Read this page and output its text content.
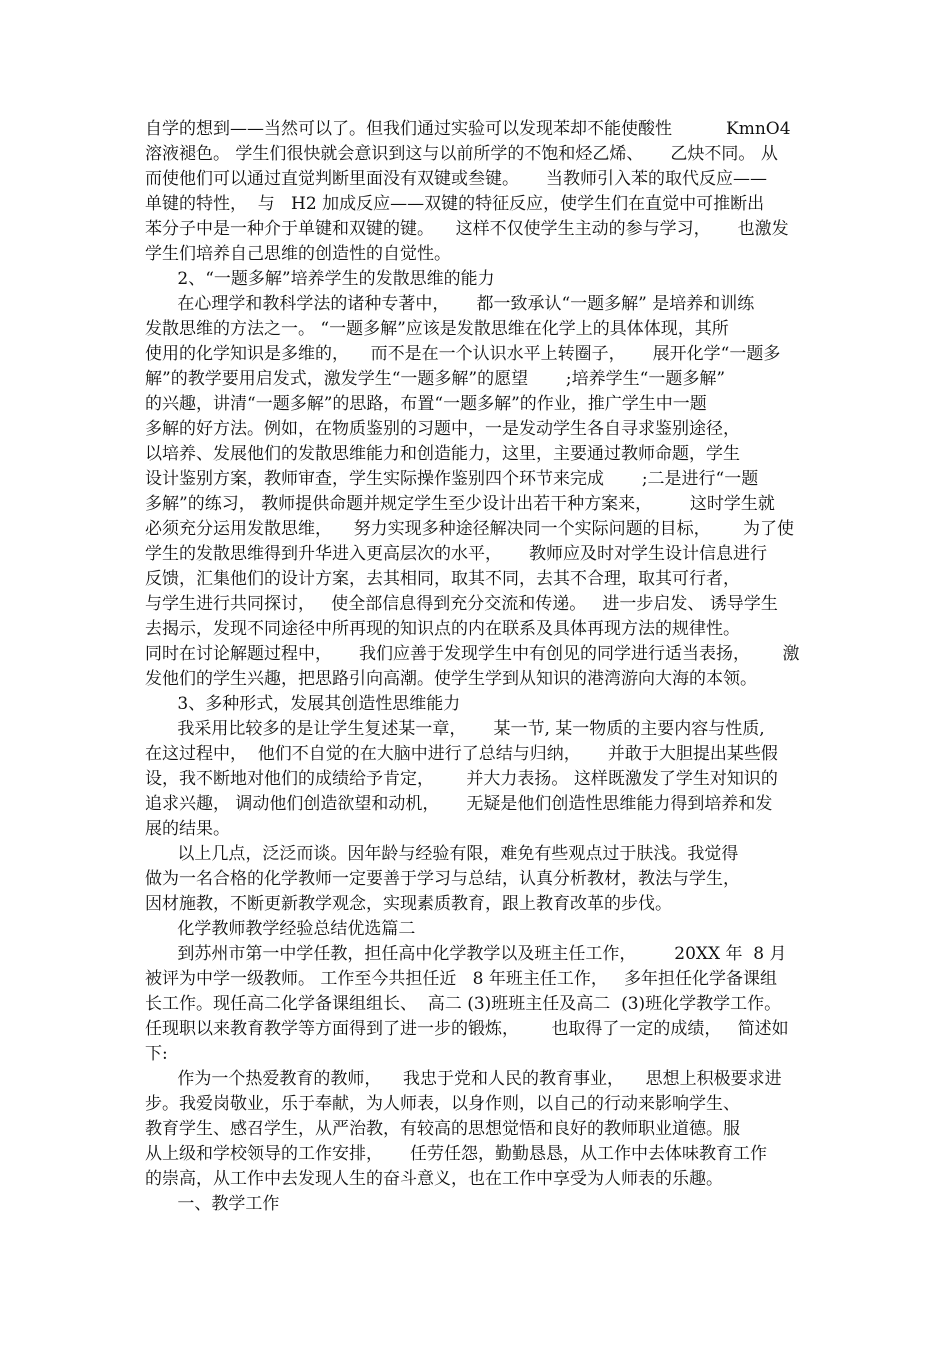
自学的想到——当然可以了。但我们通过实验可以发现苯却不能使酸性          KmnO4
溶液褪色。 学生们很快就会意识到这与以前所学的不饱和烃乙烯、     乙炔不同。 从
而使他们可以通过直觉判断里面没有双键或叁键。     当教师引入苯的取代反应——
单键的特性，  与   H2 加成反应——双键的特征反应，使学生们在直觉中可推断出
苯分子中是一种介于单键和双键的键。    这样不仅使学生主动的参与学习，     也激发
学生们培养自己思维的创造性的自觉性。
2、“一题多解”培养学生的发散思维的能力
在心理学和教科学法的诸种专著中，     都一致承认“一题多解” 是培养和训练
发散思维的方法之一。 “一题多解”应该是发散思维在化学上的具体体现，其所
使用的化学知识是多维的，    而不是在一个认识水平上转圈子，     展开化学“一题多
解”的教学要用启发式，激发学生“一题多解”的愿望       ;培养学生“一题多解”
的兴趣，讲清“一题多解”的思路，布置“一题多解”的作业，推广学生中一题
多解的好方法。例如，在物质鉴别的习题中，一是发动学生各自寻求鉴别途径，
以培养、发展他们的发散思维能力和创造能力，这里，主要通过教师命题，学生
设计鉴别方案，教师审查，学生实际操作鉴别四个环节来完成       ;二是进行“一题
多解”的练习， 教师提供命题并规定学生至少设计出若干种方案来，       这时学生就
必须充分运用发散思维，    努力实现多种途径解决同一个实际问题的目标，      为了使
学生的发散思维得到升华进入更高层次的水平，     教师应及时对学生设计信息进行
反馈，汇集他们的设计方案，去其相同，取其不同，去其不合理，取其可行者，
与学生进行共同探讨，   使全部信息得到充分交流和传递。   进一步启发、 诱导学生
去揭示，发现不同途径中所再现的知识点的内在联系及具体再现方法的规律性。
同时在讨论解题过程中，     我们应善于发现学生中有创见的同学进行适当表扬，      激
发他们的学生兴趣，把思路引向高潮。使学生学到从知识的港湾游向大海的本领。
3、多种形式，发展其创造性思维能力
我采用比较多的是让学生复述某一章，     某一节, 某一物质的主要内容与性质,
在这过程中，  他们不自觉的在大脑中进行了总结与归纳，     并敢于大胆提出某些假
设，我不断地对他们的成绩给予肯定，      并大力表扬。 这样既激发了学生对知识的
追求兴趣， 调动他们创造欲望和动机，     无疑是他们创造性思维能力得到培养和发
展的结果。
以上几点，泛泛而谈。因年龄与经验有限，难免有些观点过于肤浅。我觉得
做为一名合格的化学教师一定要善于学习与总结，认真分析教材，教法与学生，
因材施教，不断更新教学观念，实现素质教育，跟上教育改革的步伐。
化学教师教学经验总结优选篇二
到苏州市第一中学任教，担任高中化学教学以及班主任工作，       20XX 年  8 月
被评为中学一级教师。 工作至今共担任近   8 年班主任工作，   多年担任化学备课组
长工作。现任高二化学备课组组长、  高二 (3)班班主任及高二  (3)班化学教学工作。
任现职以来教育教学等方面得到了进一步的锻炼，      也取得了一定的成绩，   简述如
下:
作为一个热爱教育的教师，    我忠于党和人民的教育事业，    思想上积极要求进
步。我爱岗敬业，乐于奉献，为人师表，以身作则，以自己的行动来影响学生、
教育学生、感召学生，从严治教，有较高的思想觉悟和良好的教师职业道德。服
从上级和学校领导的工作安排，     任劳任怨，勤勤恳恳，从工作中去体味教育工作
的崇高，从工作中去发现人生的奋斗意义，也在工作中享受为人师表的乐趣。
一、教学工作
